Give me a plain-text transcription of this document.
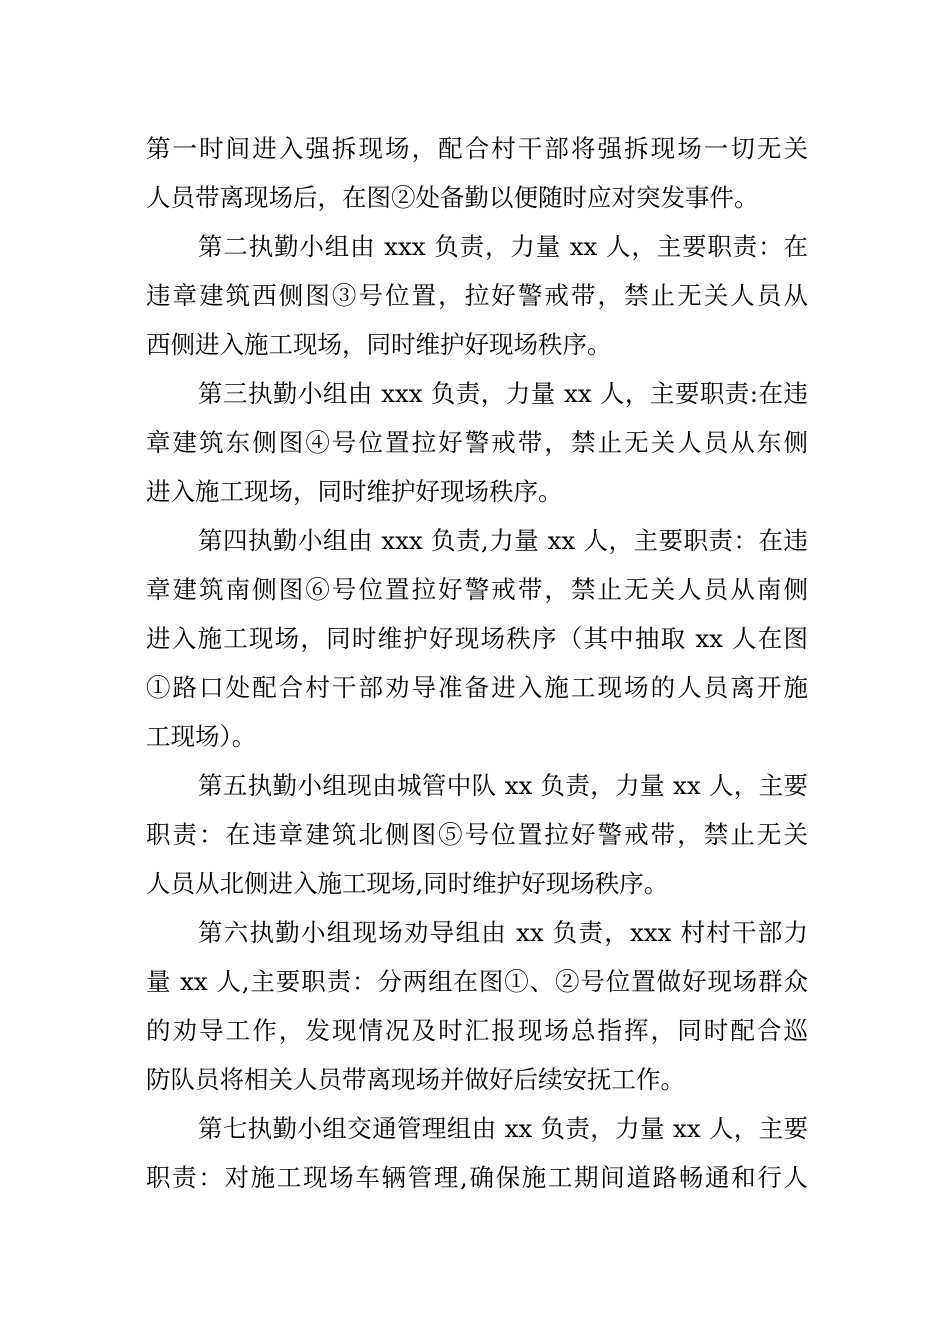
第一时间进入强拆现场，配合村干部将强拆现场一切无关
人员带离现场后，在图②处备勤以便随时应对突发事件。
第二执勤小组由 xxx 负责，力量 xx 人，主要职责：在
违章建筑西侧图③号位置，拉好警戒带，禁止无关人员从
西侧进入施工现场，同时维护好现场秩序。
第三执勤小组由 xxx 负责，力量 xx 人，主要职责:在违
章建筑东侧图④号位置拉好警戒带，禁止无关人员从东侧
进入施工现场，同时维护好现场秩序。
第四执勤小组由 xxx 负责,力量 xx 人，主要职责：在违
章建筑南侧图⑥号位置拉好警戒带，禁止无关人员从南侧
进入施工现场，同时维护好现场秩序（其中抽取 xx 人在图
①路口处配合村干部劝导准备进入施工现场的人员离开施
工现场）。
第五执勤小组现由城管中队 xx 负责，力量 xx 人，主要
职责：在违章建筑北侧图⑤号位置拉好警戒带，禁止无关
人员从北侧进入施工现场,同时维护好现场秩序。
第六执勤小组现场劝导组由 xx 负责，xxx 村村干部力
量 xx 人,主要职责：分两组在图①、②号位置做好现场群众
的劝导工作，发现情况及时汇报现场总指挥，同时配合巡
防队员将相关人员带离现场并做好后续安抚工作。
第七执勤小组交通管理组由 xx 负责，力量 xx 人，主要
职责：对施工现场车辆管理,确保施工期间道路畅通和行人
